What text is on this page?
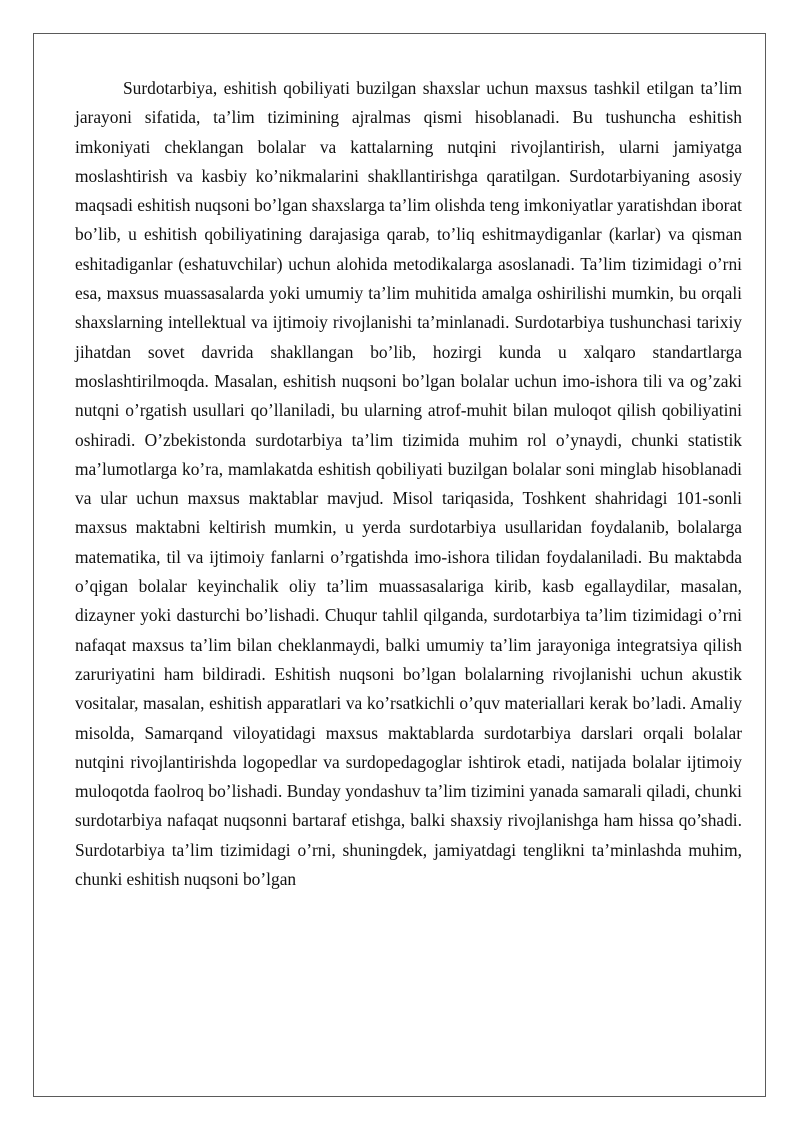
Surdotarbiya, eshitish qobiliyati buzilgan shaxslar uchun maxsus tashkil etilgan ta’lim jarayoni sifatida, ta’lim tizimining ajralmas qismi hisoblanadi. Bu tushuncha eshitish imkoniyati cheklangan bolalar va kattalarning nutqini rivojlantirish, ularni jamiyatga moslashtirish va kasbiy ko’nikmalarini shakllantirishga qaratilgan. Surdotarbiyaning asosiy maqsadi eshitish nuqsoni bo’lgan shaxslarga ta’lim olishda teng imkoniyatlar yaratishdan iborat bo’lib, u eshitish qobiliyatining darajasiga qarab, to’liq eshitmaydiganlar (karlar) va qisman eshitadiganlar (eshatuvchilar) uchun alohida metodikalarga asoslanadi. Ta’lim tizimidagi o’rni esa, maxsus muassasalarda yoki umumiy ta’lim muhitida amalga oshirilishi mumkin, bu orqali shaxslarning intellektual va ijtimoiy rivojlanishi ta’minlanadi. Surdotarbiya tushunchasi tarixiy jihatdan sovet davrida shakllangan bo’lib, hozirgi kunda u xalqaro standartlarga moslashtirilmoqda. Masalan, eshitish nuqsoni bo’lgan bolalar uchun imo-ishora tili va og’zaki nutqni o’rgatish usullari qo’llaniladi, bu ularning atrof-muhit bilan muloqot qilish qobiliyatini oshiradi. O’zbekistonda surdotarbiya ta’lim tizimida muhim rol o’ynaydi, chunki statistik ma’lumotlarga ko’ra, mamlakatda eshitish qobiliyati buzilgan bolalar soni minglab hisoblanadi va ular uchun maxsus maktablar mavjud. Misol tariqasida, Toshkent shahridagi 101-sonli maxsus maktabni keltirish mumkin, u yerda surdotarbiya usullaridan foydalanib, bolalarga matematika, til va ijtimoiy fanlarni o’rgatishda imo-ishora tilidan foydalaniladi. Bu maktabda o’qigan bolalar keyinchalik oliy ta’lim muassasalariga kirib, kasb egallaydilar, masalan, dizayner yoki dasturchi bo’lishadi. Chuqur tahlil qilganda, surdotarbiya ta’lim tizimidagi o’rni nafaqat maxsus ta’lim bilan cheklanmaydi, balki umumiy ta’lim jarayoniga integratsiya qilish zaruriyatini ham bildiradi. Eshitish nuqsoni bo’lgan bolalarning rivojlanishi uchun akustik vositalar, masalan, eshitish apparatlari va ko’rsatkichli o’quv materiallari kerak bo’ladi. Amaliy misolda, Samarqand viloyatidagi maxsus maktablarda surdotarbiya darslari orqali bolalar nutqini rivojlantirishda logopedlar va surdopedagoglar ishtirok etadi, natijada bolalar ijtimoiy muloqotda faolroq bo’lishadi. Bunday yondashuv ta’lim tizimini yanada samarali qiladi, chunki surdotarbiya nafaqat nuqsonni bartaraf etishga, balki shaxsiy rivojlanishga ham hissa qo’shadi. Surdotarbiya ta’lim tizimidagi o’rni, shuningdek, jamiyatdagi tenglikni ta’minlashda muhim, chunki eshitish nuqsoni bo’lgan
